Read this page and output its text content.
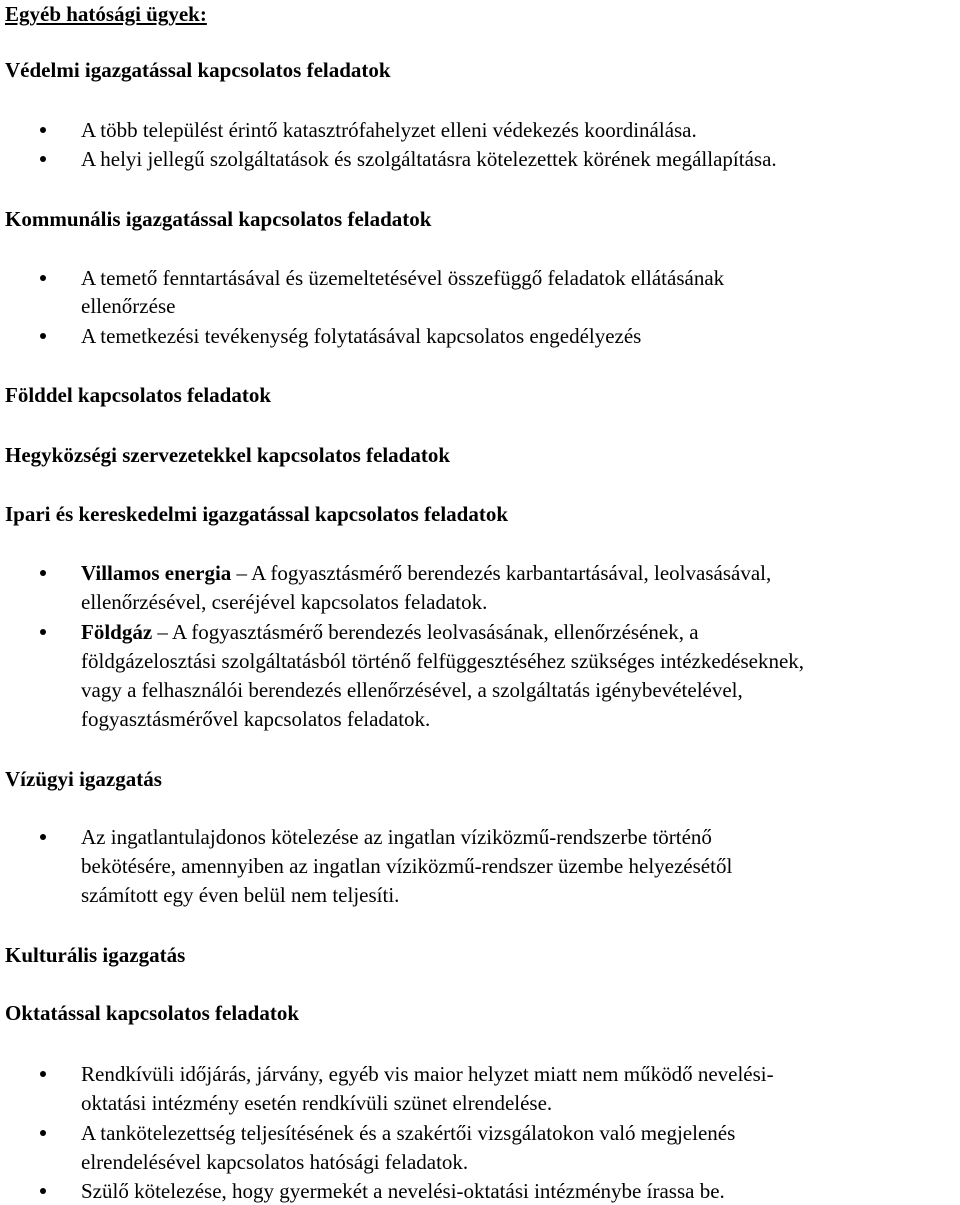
Egyéb hatósági ügyek:
Védelmi igazgatással kapcsolatos feladatok
A több települést érintő katasztrófahelyzet elleni védekezés koordinálása.
A helyi jellegű szolgáltatások és szolgáltatásra kötelezettek körének megállapítása.
Kommunális igazgatással kapcsolatos feladatok
A temető fenntartásával és üzemeltetésével összefüggő feladatok ellátásának
ellenőrzése
A temetkezési tevékenység folytatásával kapcsolatos engedélyezés
Földdel kapcsolatos feladatok
Hegyközségi szervezetekkel kapcsolatos feladatok
Ipari és kereskedelmi igazgatással kapcsolatos feladatok
Villamos energia – A fogyasztásmérő berendezés karbantartásával, leolvasásával,
ellenőrzésével, cseréjével kapcsolatos feladatok.
Földgáz – A fogyasztásmérő berendezés leolvasásának, ellenőrzésének, a
földgázelosztási szolgáltatásból történő felfüggesztéséhez szükséges intézkedéseknek,
vagy a felhasználói berendezés ellenőrzésével, a szolgáltatás igénybevételével,
fogyasztásmérővel kapcsolatos feladatok.
Vízügyi igazgatás
Az ingatlantulajdonos kötelezése az ingatlan víziközmű-rendszerbe történő
bekötésére, amennyiben az ingatlan víziközmű-rendszer üzembe helyezésétől
számított egy éven belül nem teljesíti.
Kulturális igazgatás
Oktatással kapcsolatos feladatok
Rendkívüli időjárás, járvány, egyéb vis maior helyzet miatt nem működő nevelési-
oktatási intézmény esetén rendkívüli szünet elrendelése.
A tankötelezettség teljesítésének és a szakértői vizsgálatokon való megjelenés
elrendelésével kapcsolatos hatósági feladatok.
Szülő kötelezése, hogy gyermekét a nevelési-oktatási intézménybe írassa be.
